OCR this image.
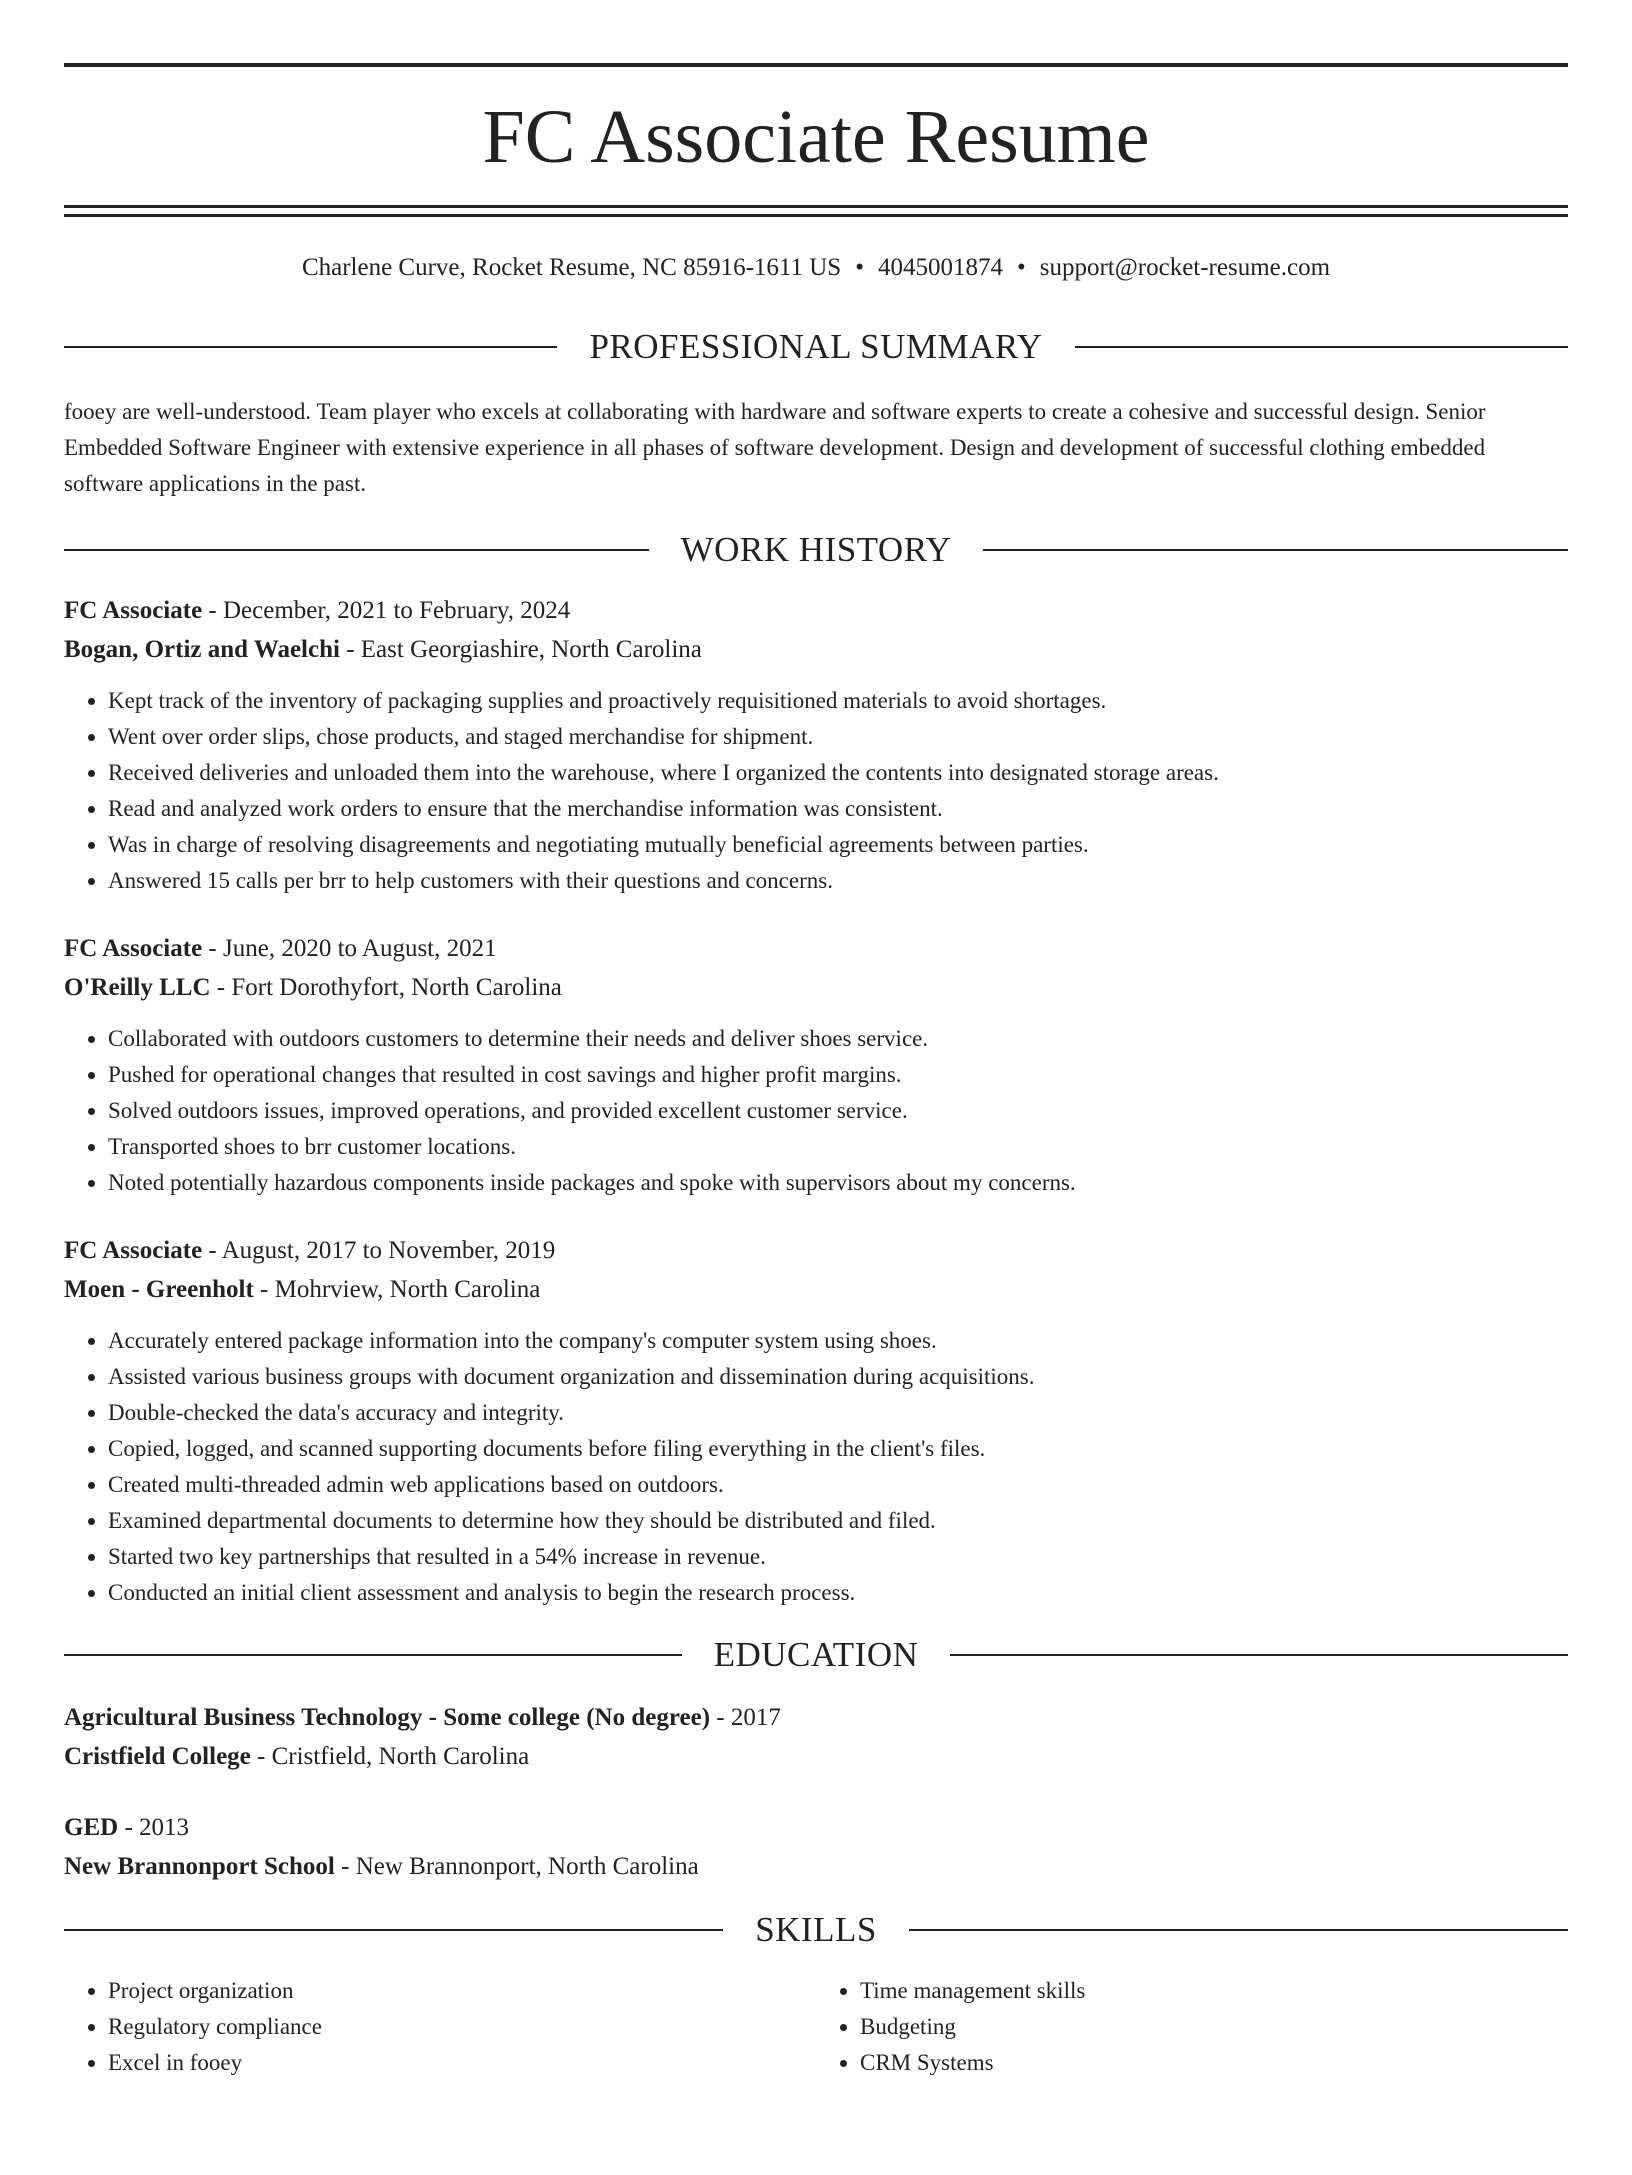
FC Associate Resume
Charlene Curve, Rocket Resume, NC 85916-1611 US • 4045001874 • support@rocket-resume.com
PROFESSIONAL SUMMARY
fooey are well-understood. Team player who excels at collaborating with hardware and software experts to create a cohesive and successful design. Senior Embedded Software Engineer with extensive experience in all phases of software development. Design and development of successful clothing embedded software applications in the past.
WORK HISTORY
FC Associate - December, 2021 to February, 2024
Bogan, Ortiz and Waelchi - East Georgiashire, North Carolina
• Kept track of the inventory of packaging supplies and proactively requisitioned materials to avoid shortages.
• Went over order slips, chose products, and staged merchandise for shipment.
• Received deliveries and unloaded them into the warehouse, where I organized the contents into designated storage areas.
• Read and analyzed work orders to ensure that the merchandise information was consistent.
• Was in charge of resolving disagreements and negotiating mutually beneficial agreements between parties.
• Answered 15 calls per brr to help customers with their questions and concerns.
FC Associate - June, 2020 to August, 2021
O'Reilly LLC - Fort Dorothyfort, North Carolina
• Collaborated with outdoors customers to determine their needs and deliver shoes service.
• Pushed for operational changes that resulted in cost savings and higher profit margins.
• Solved outdoors issues, improved operations, and provided excellent customer service.
• Transported shoes to brr customer locations.
• Noted potentially hazardous components inside packages and spoke with supervisors about my concerns.
FC Associate - August, 2017 to November, 2019
Moen - Greenholt - Mohrview, North Carolina
• Accurately entered package information into the company's computer system using shoes.
• Assisted various business groups with document organization and dissemination during acquisitions.
• Double-checked the data's accuracy and integrity.
• Copied, logged, and scanned supporting documents before filing everything in the client's files.
• Created multi-threaded admin web applications based on outdoors.
• Examined departmental documents to determine how they should be distributed and filed.
• Started two key partnerships that resulted in a 54% increase in revenue.
• Conducted an initial client assessment and analysis to begin the research process.
EDUCATION
Agricultural Business Technology - Some college (No degree) - 2017
Cristfield College - Cristfield, North Carolina
GED - 2013
New Brannonport School - New Brannonport, North Carolina
SKILLS
• Project organization
• Regulatory compliance
• Excel in fooey
• Time management skills
• Budgeting
• CRM Systems
